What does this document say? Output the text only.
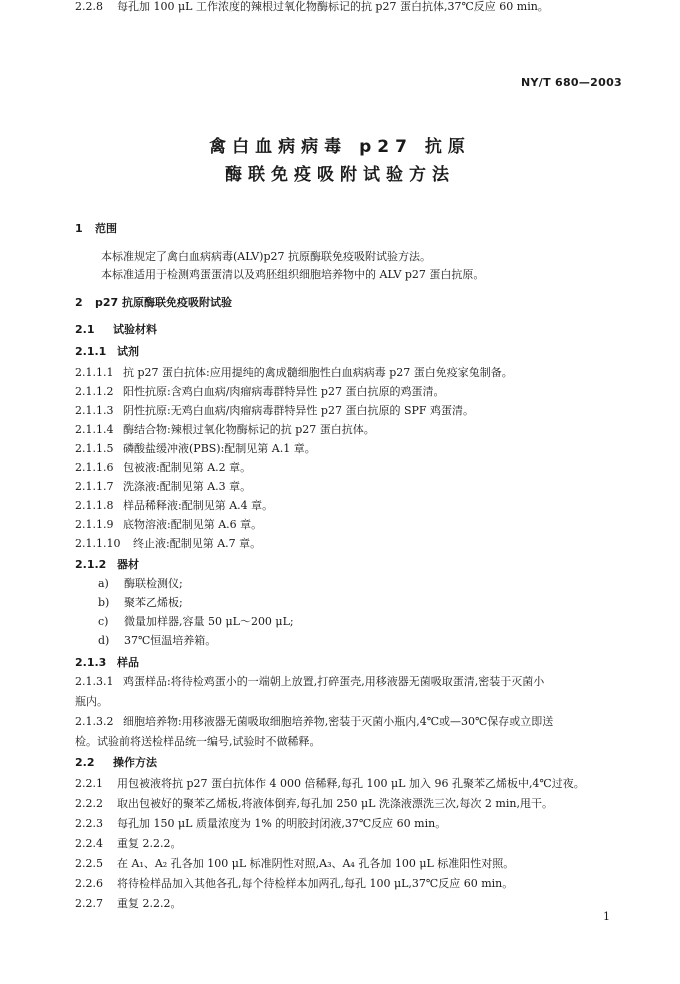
NY/T 680—2003
禽白血病病毒 p27 抗原
酶联免疫吸附试验方法
1 范围
本标准规定了禽白血病病毒(ALV)p27 抗原酶联免疫吸附试验方法。
本标准适用于检测鸡蛋蛋清以及鸡胚组织细胞培养物中的 ALV p27 蛋白抗原。
2 p27 抗原酶联免疫吸附试验
2.1 试验材料
2.1.1 试剂
2.1.1.1 抗 p27 蛋白抗体:应用提纯的禽成髓细胞性白血病病毒 p27 蛋白免疫家兔制备。
2.1.1.2 阳性抗原:含鸡白血病/肉瘤病毒群特异性 p27 蛋白抗原的鸡蛋清。
2.1.1.3 阴性抗原:无鸡白血病/肉瘤病毒群特异性 p27 蛋白抗原的 SPF 鸡蛋清。
2.1.1.4 酶结合物:辣根过氧化物酶标记的抗 p27 蛋白抗体。
2.1.1.5 磷酸盐缓冲液(PBS):配制见第 A.1 章。
2.1.1.6 包被液:配制见第 A.2 章。
2.1.1.7 洗涤液:配制见第 A.3 章。
2.1.1.8 样品稀释液:配制见第 A.4 章。
2.1.1.9 底物溶液:配制见第 A.6 章。
2.1.1.10 终止液:配制见第 A.7 章。
2.1.2 器材
a) 酶联检测仪;
b) 聚苯乙烯板;
c) 微量加样器,容量 50 μL～200 μL;
d) 37℃恒温培养箱。
2.1.3 样品
2.1.3.1 鸡蛋样品:将待检鸡蛋小的一端朝上放置,打碎蛋壳,用移液器无菌吸取蛋清,密装于灭菌小
瓶内。
2.1.3.2 细胞培养物:用移液器无菌吸取细胞培养物,密装于灭菌小瓶内,4℃或—30℃保存或立即送
检。试验前将送检样品统一编号,试验时不做稀释。
2.2 操作方法
2.2.1 用包被液将抗 p27 蛋白抗体作 4 000 倍稀释,每孔 100 μL 加入 96 孔聚苯乙烯板中,4℃过夜。
2.2.2 取出包被好的聚苯乙烯板,将液体倒弃,每孔加 250 μL 洗涤液漂洗三次,每次 2 min,甩干。
2.2.3 每孔加 150 μL 质量浓度为 1% 的明胶封闭液,37℃反应 60 min。
2.2.4 重复 2.2.2。
2.2.5 在 A₁、A₂ 孔各加 100 μL 标准阴性对照,A₃、A₄ 孔各加 100 μL 标准阳性对照。
2.2.6 将待检样品加入其他各孔,每个待检样本加两孔,每孔 100 μL,37℃反应 60 min。
2.2.7 重复 2.2.2。
2.2.8 每孔加 100 μL 工作浓度的辣根过氧化物酶标记的抗 p27 蛋白抗体,37℃反应 60 min。
1
